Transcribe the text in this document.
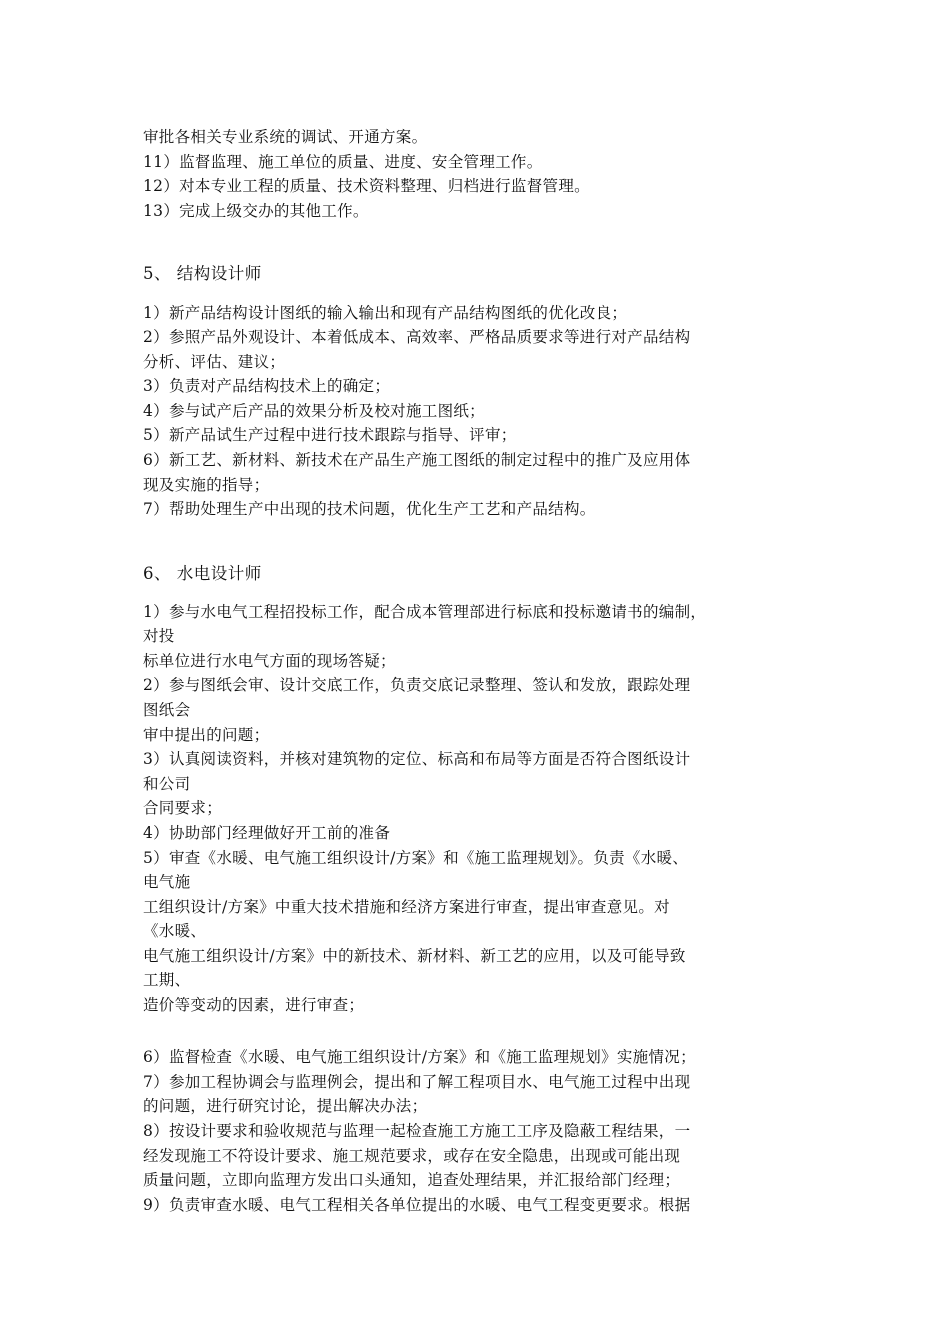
审批各相关专业系统的调试、开通方案。
11）监督监理、施工单位的质量、进度、安全管理工作。
12）对本专业工程的质量、技术资料整理、归档进行监督管理。
13）完成上级交办的其他工作。
5、 结构设计师
1）新产品结构设计图纸的输入输出和现有产品结构图纸的优化改良；
2）参照产品外观设计、本着低成本、高效率、严格品质要求等进行对产品结构
分析、评估、建议；
3）负责对产品结构技术上的确定；
4）参与试产后产品的效果分析及校对施工图纸；
5）新产品试生产过程中进行技术跟踪与指导、评审；
6）新工艺、新材料、新技术在产品生产施工图纸的制定过程中的推广及应用体
现及实施的指导；
7）帮助处理生产中出现的技术问题，优化生产工艺和产品结构。
6、 水电设计师
1）参与水电气工程招投标工作，配合成本管理部进行标底和投标邀请书的编制，
对投
标单位进行水电气方面的现场答疑；
2）参与图纸会审、设计交底工作，负责交底记录整理、签认和发放，跟踪处理
图纸会
审中提出的问题；
3）认真阅读资料，并核对建筑物的定位、标高和布局等方面是否符合图纸设计
和公司
合同要求；
4）协助部门经理做好开工前的准备
5）审查《水暖、电气施工组织设计/方案》和《施工监理规划》。负责《水暖、
电气施
工组织设计/方案》中重大技术措施和经济方案进行审查，提出审查意见。对
《水暖、
电气施工组织设计/方案》中的新技术、新材料、新工艺的应用，以及可能导致
工期、
造价等变动的因素，进行审查；
6）监督检查《水暖、电气施工组织设计/方案》和《施工监理规划》实施情况；
7）参加工程协调会与监理例会，提出和了解工程项目水、电气施工过程中出现
的问题，进行研究讨论，提出解决办法；
8）按设计要求和验收规范与监理一起检查施工方施工工序及隐蔽工程结果，一
经发现施工不符设计要求、施工规范要求，或存在安全隐患，出现或可能出现
质量问题，立即向监理方发出口头通知，追查处理结果，并汇报给部门经理；
9）负责审查水暖、电气工程相关各单位提出的水暖、电气工程变更要求。根据
